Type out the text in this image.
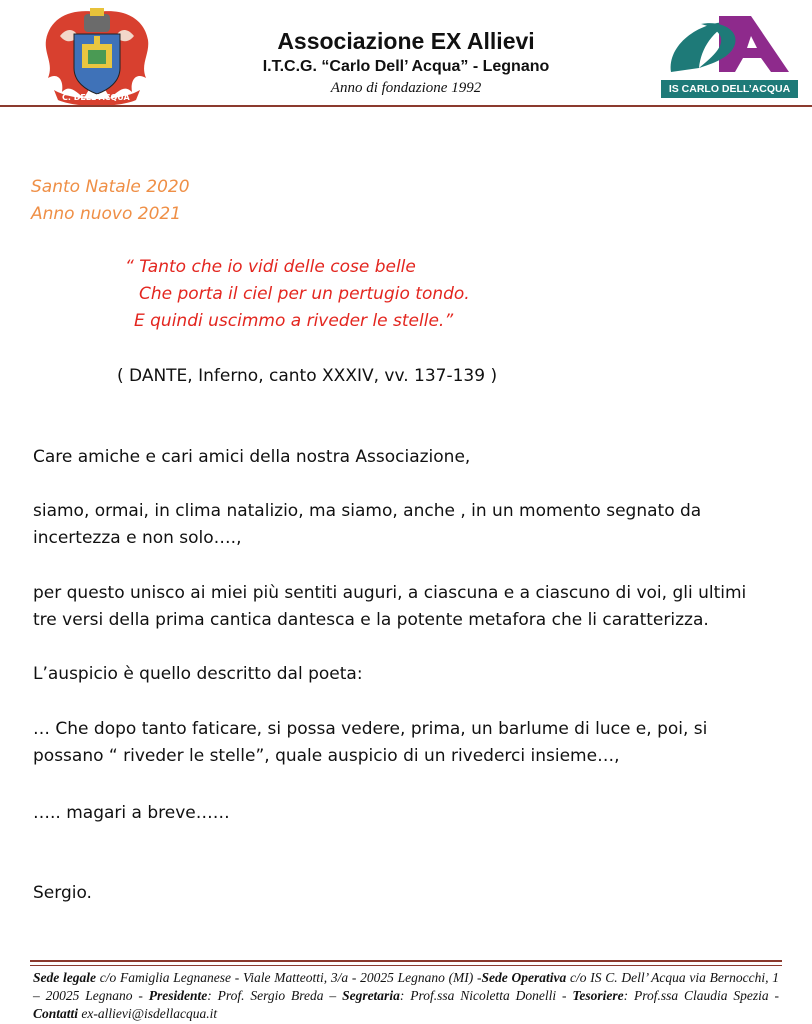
C. DELL'ACQUA
IS CARLO DELL’ACQUA
Associazione EX Allievi
I.T.C.G. “Carlo Dell’ Acqua” - Legnano
Anno di fondazione 1992
Santo Natale 2020
Anno nuovo 2021
“ Tanto che io vidi delle cose belle
Che porta il ciel per un pertugio tondo.
E quindi uscimmo a riveder le stelle.”
( DANTE, Inferno, canto XXXIV, vv. 137-139 )
Care amiche e cari amici della nostra Associazione,
siamo, ormai, in clima natalizio, ma siamo, anche , in un momento segnato da
incertezza e non solo….,
per questo unisco ai miei più sentiti auguri, a ciascuna e a ciascuno di voi, gli ultimi
tre versi della prima cantica dantesca e la potente metafora che li caratterizza.
L’auspicio è quello descritto dal poeta:
… Che dopo tanto faticare, si possa vedere, prima, un barlume di luce e, poi, si
possano “ riveder le stelle”, quale auspicio di un rivederci insieme…,
….. magari a breve……
Sergio.
Sede legale c/o Famiglia Legnanese - Viale Matteotti, 3/a - 20025 Legnano (MI) -Sede Operativa c/o IS C. Dell’ Acqua via Bernocchi, 1 – 20025 Legnano - Presidente: Prof. Sergio Breda – Segretaria: Prof.ssa Nicoletta Donelli - Tesoriere: Prof.ssa Claudia Spezia - Contatti ex-allievi@isdellacqua.it
